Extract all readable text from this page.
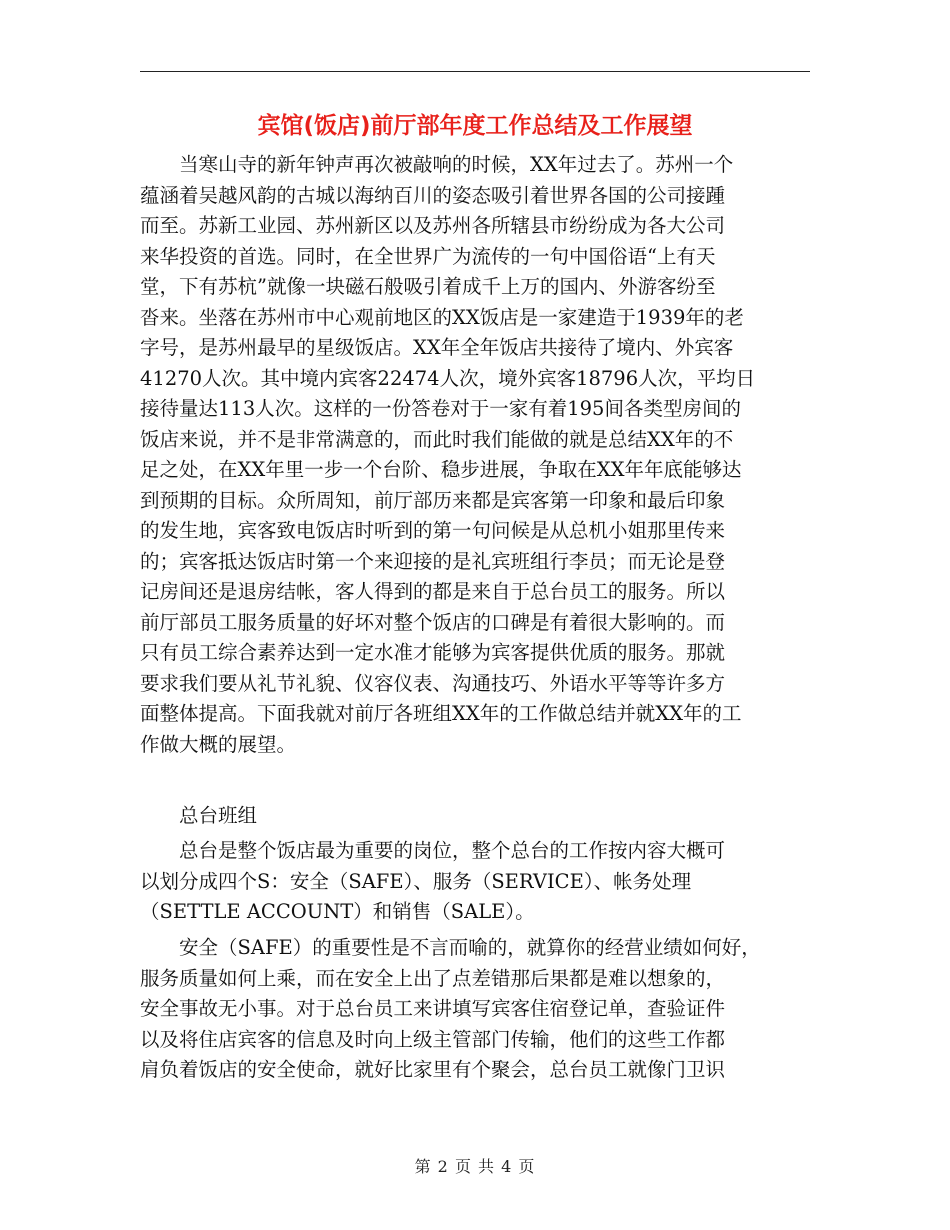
宾馆(饭店)前厅部年度工作总结及工作展望
　　当寒山寺的新年钟声再次被敲响的时候，XX年过去了。苏州一个
蕴涵着吴越风韵的古城以海纳百川的姿态吸引着世界各国的公司接踵
而至。苏新工业园、苏州新区以及苏州各所辖县市纷纷成为各大公司
来华投资的首选。同时，在全世界广为流传的一句中国俗语“上有天
堂，下有苏杭”就像一块磁石般吸引着成千上万的国内、外游客纷至
沓来。坐落在苏州市中心观前地区的XX饭店是一家建造于1939年的老
字号，是苏州最早的星级饭店。XX年全年饭店共接待了境内、外宾客
41270人次。其中境内宾客22474人次，境外宾客18796人次，平均日
接待量达113人次。这样的一份答卷对于一家有着195间各类型房间的
饭店来说，并不是非常满意的，而此时我们能做的就是总结XX年的不
足之处，在XX年里一步一个台阶、稳步进展，争取在XX年年底能够达
到预期的目标。众所周知，前厅部历来都是宾客第一印象和最后印象
的发生地，宾客致电饭店时听到的第一句问候是从总机小姐那里传来
的；宾客抵达饭店时第一个来迎接的是礼宾班组行李员；而无论是登
记房间还是退房结帐，客人得到的都是来自于总台员工的服务。所以
前厅部员工服务质量的好坏对整个饭店的口碑是有着很大影响的。而
只有员工综合素养达到一定水准才能够为宾客提供优质的服务。那就
要求我们要从礼节礼貌、仪容仪表、沟通技巧、外语水平等等许多方
面整体提高。下面我就对前厅各班组XX年的工作做总结并就XX年的工
作做大概的展望。
　　总台班组
　　总台是整个饭店最为重要的岗位，整个总台的工作按内容大概可
以划分成四个S：安全（SAFE）、服务（SERVICE）、帐务处理
（SETTLE ACCOUNT）和销售（SALE）。
　　安全（SAFE）的重要性是不言而喻的，就算你的经营业绩如何好，
服务质量如何上乘，而在安全上出了点差错那后果都是难以想象的，
安全事故无小事。对于总台员工来讲填写宾客住宿登记单，查验证件
以及将住店宾客的信息及时向上级主管部门传输，他们的这些工作都
肩负着饭店的安全使命，就好比家里有个聚会，总台员工就像门卫识
第 2 页 共 4 页
